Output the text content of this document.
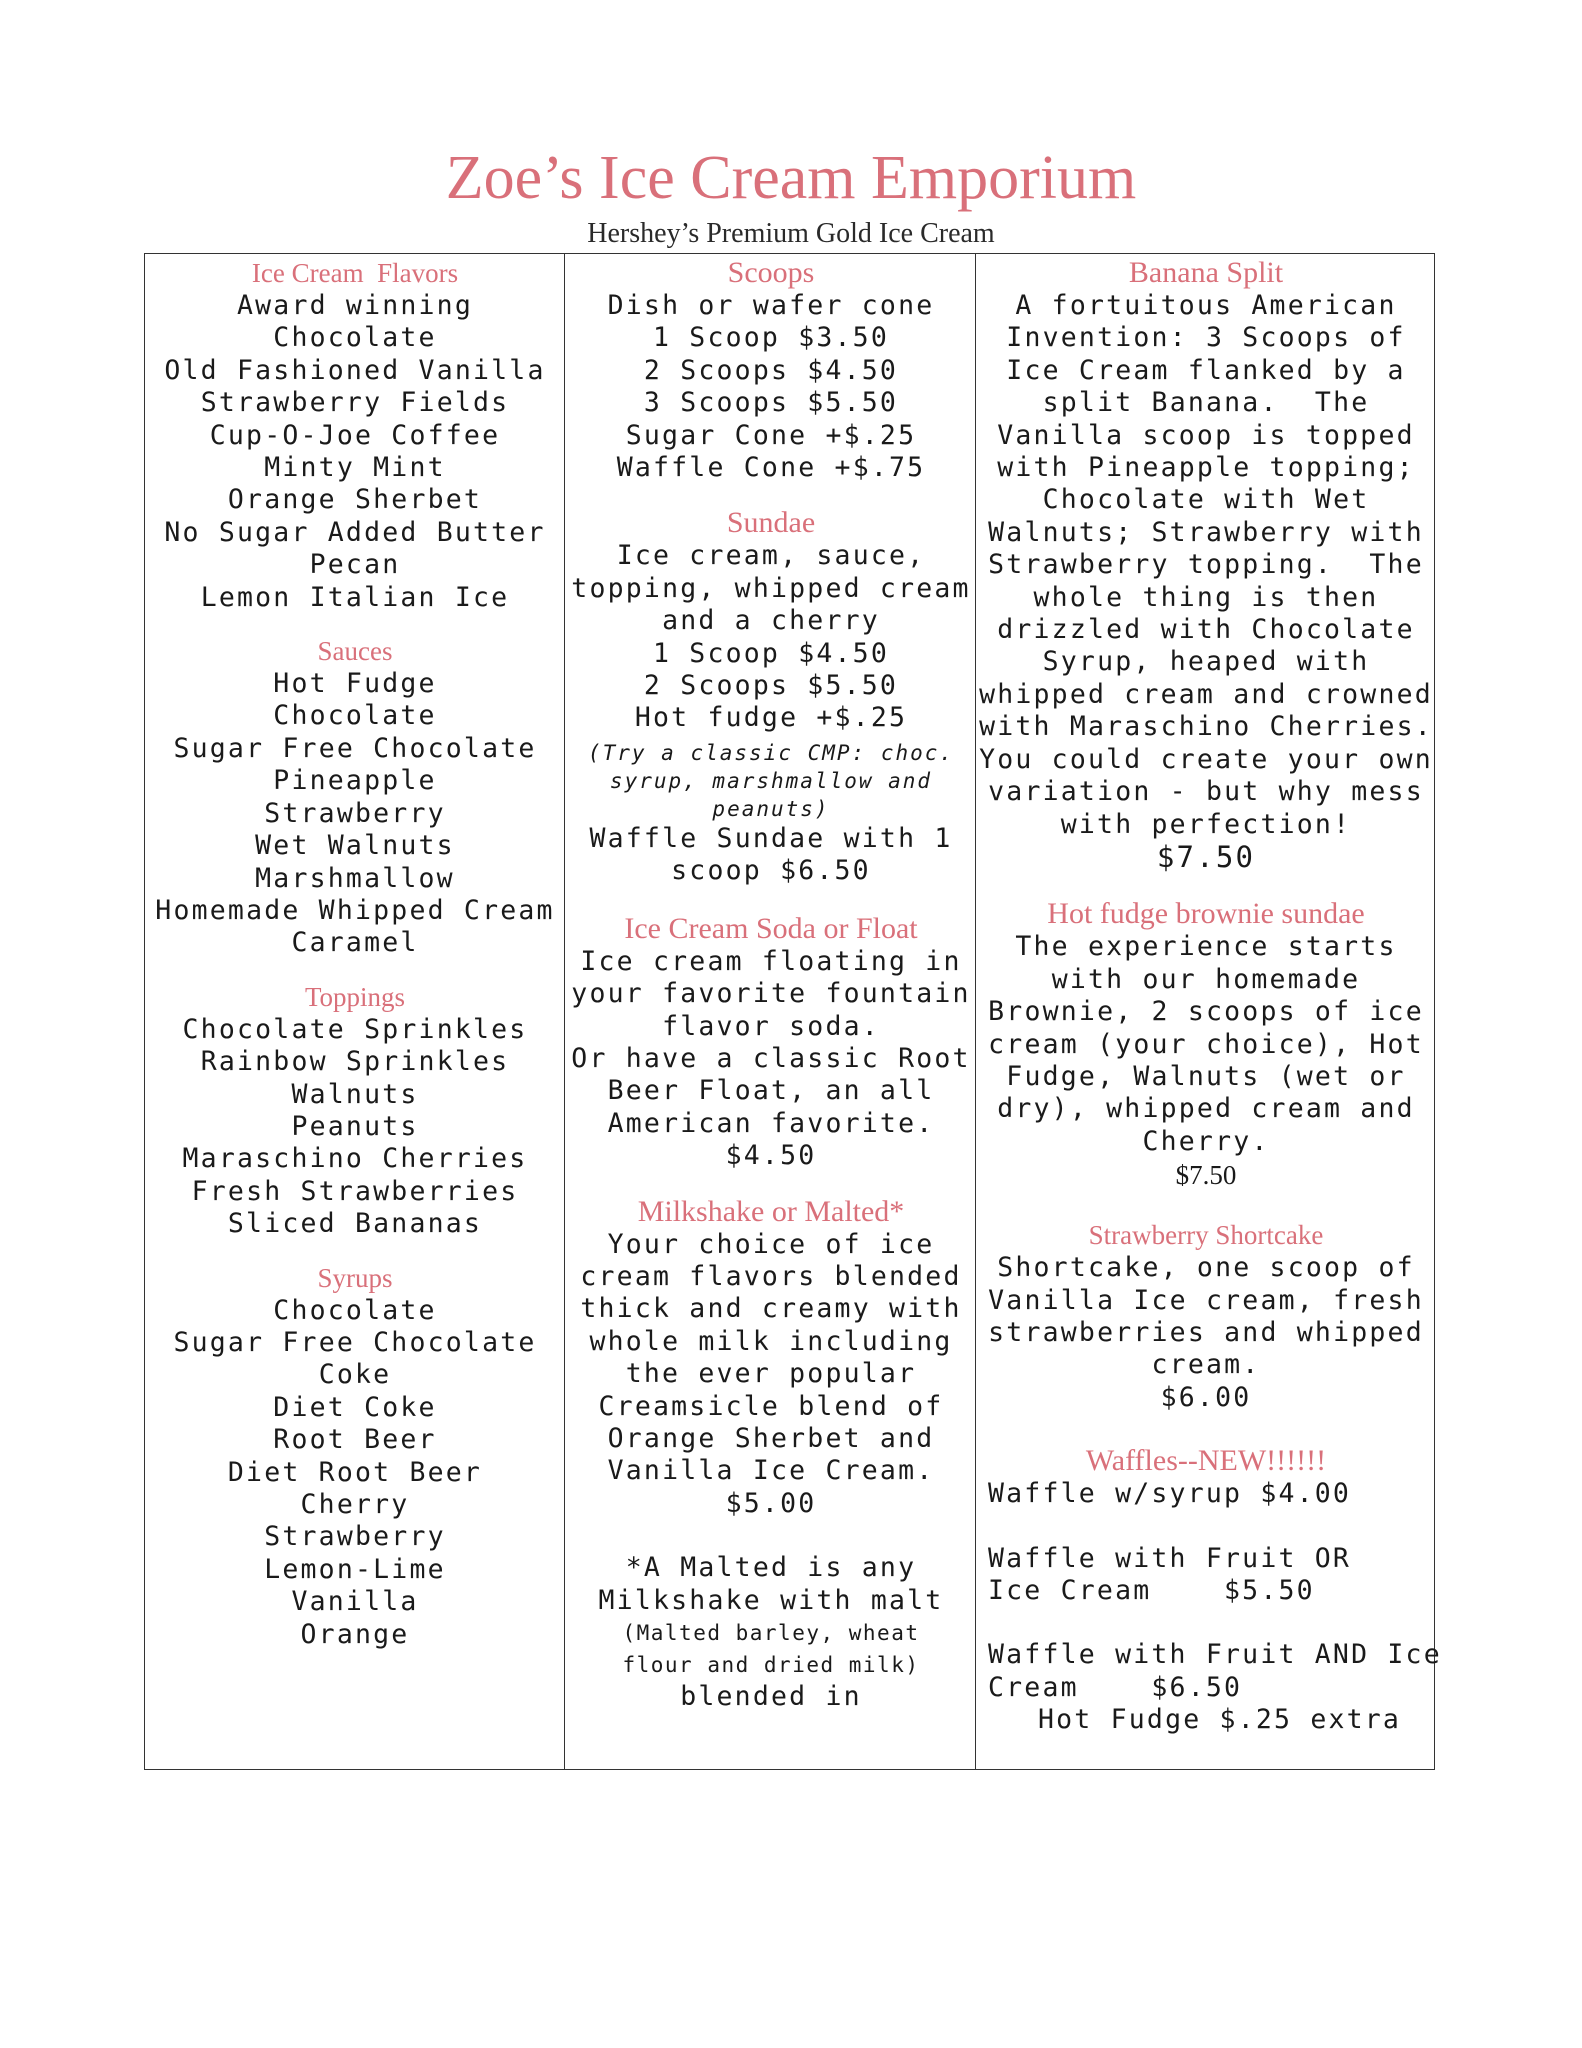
Zoe’s Ice Cream Emporium
Hershey’s Premium Gold Ice Cream
Ice Cream  Flavors
Award winning
Chocolate
Old Fashioned Vanilla
Strawberry Fields
Cup-O-Joe Coffee
Minty Mint
Orange Sherbet
No Sugar Added Butter
Pecan
Lemon Italian Ice
Sauces
Hot Fudge
Chocolate
Sugar Free Chocolate
Pineapple
Strawberry
Wet Walnuts
Marshmallow
Homemade Whipped Cream
Caramel
Toppings
Chocolate Sprinkles
Rainbow Sprinkles
Walnuts
Peanuts
Maraschino Cherries
Fresh Strawberries
Sliced Bananas
Syrups
Chocolate
Sugar Free Chocolate
Coke
Diet Coke
Root Beer
Diet Root Beer
Cherry
Strawberry
Lemon-Lime
Vanilla
Orange
Scoops
Dish or wafer cone
1 Scoop $3.50
2 Scoops $4.50
3 Scoops $5.50
Sugar Cone +$.25
Waffle Cone +$.75
Sundae
Ice cream, sauce,
topping, whipped cream
and a cherry
1 Scoop $4.50
2 Scoops $5.50
Hot fudge +$.25
(Try a classic CMP: choc.
syrup, marshmallow and
peanuts)
Waffle Sundae with 1
scoop $6.50
Ice Cream Soda or Float
Ice cream floating in
your favorite fountain
flavor soda.
Or have a classic Root
Beer Float, an all
American favorite.
$4.50
Milkshake or Malted*
Your choice of ice
cream flavors blended
thick and creamy with
whole milk including
the ever popular
Creamsicle blend of
Orange Sherbet and
Vanilla Ice Cream.
$5.00
*A Malted is any
Milkshake with malt
(Malted barley, wheat
flour and dried milk)
blended in
Banana Split
A fortuitous American
Invention: 3 Scoops of
Ice Cream flanked by a
split Banana.  The
Vanilla scoop is topped
with Pineapple topping;
Chocolate with Wet
Walnuts; Strawberry with
Strawberry topping.  The
whole thing is then
drizzled with Chocolate
Syrup, heaped with
whipped cream and crowned
with Maraschino Cherries.
You could create your own
variation - but why mess
with perfection!
$7.50
Hot fudge brownie sundae
The experience starts
with our homemade
Brownie, 2 scoops of ice
cream (your choice), Hot
Fudge, Walnuts (wet or
dry), whipped cream and
Cherry.
$7.50
Strawberry Shortcake
Shortcake, one scoop of
Vanilla Ice cream, fresh
strawberries and whipped
cream.
$6.00
Waffles--NEW!!!!!!
Waffle w/syrup $4.00
Waffle with Fruit OR
Ice Cream    $5.50
Waffle with Fruit AND Ice
Cream    $6.50
Hot Fudge $.25 extra
